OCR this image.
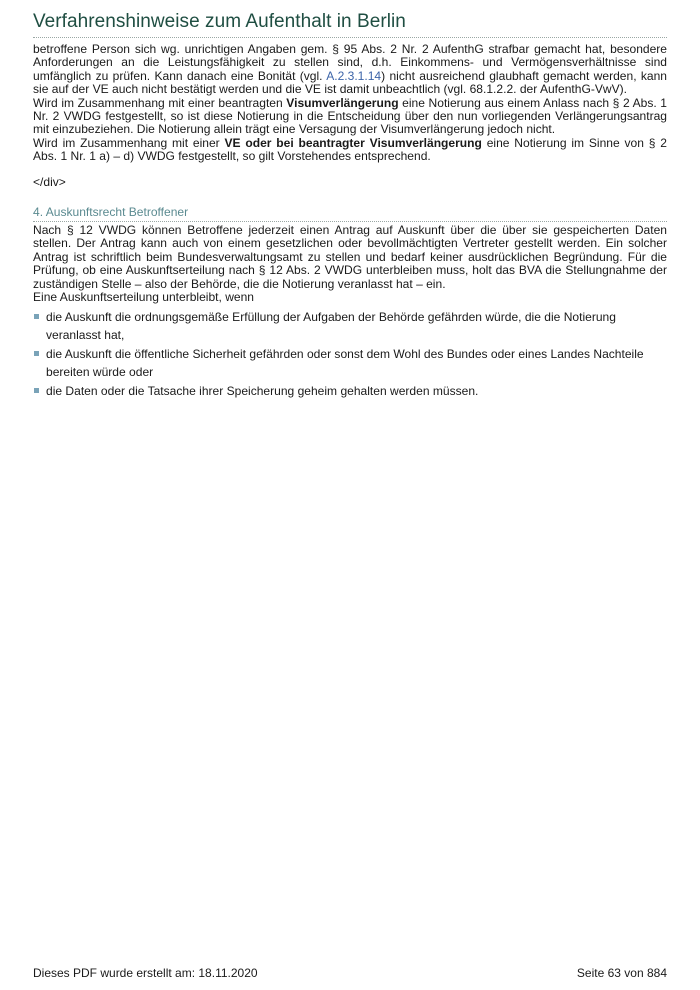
Verfahrenshinweise zum Aufenthalt in Berlin

betroffene Person sich wg. unrichtigen Angaben gem. § 95 Abs. 2 Nr. 2 AufenthG strafbar gemacht hat, besondere Anforderungen an die Leistungsfähigkeit zu stellen sind, d.h. Einkommens- und Vermögensverhältnisse sind umfänglich zu prüfen. Kann danach eine Bonität (vgl. A.2.3.1.14) nicht ausreichend glaubhaft gemacht werden, kann sie auf der VE auch nicht bestätigt werden und die VE ist damit unbeachtlich (vgl. 68.1.2.2. der AufenthG-VwV).

Wird im Zusammenhang mit einer beantragten Visumverlängerung eine Notierung aus einem Anlass nach § 2 Abs. 1 Nr. 2 VWDG festgestellt, so ist diese Notierung in die Entscheidung über den nun vorliegenden Verlängerungsantrag mit einzubeziehen. Die Notierung allein trägt eine Versagung der Visumverlängerung jedoch nicht.

Wird im Zusammenhang mit einer VE oder bei beantragter Visumverlängerung eine Notierung im Sinne von § 2 Abs. 1 Nr. 1 a) – d) VWDG festgestellt, so gilt Vorstehendes entsprechend.

</div>

4. Auskunftsrecht Betroffener

Nach § 12 VWDG können Betroffene jederzeit einen Antrag auf Auskunft über die über sie gespeicherten Daten stellen. Der Antrag kann auch von einem gesetzlichen oder bevollmächtigten Vertreter gestellt werden. Ein solcher Antrag ist schriftlich beim Bundesverwaltungsamt zu stellen und bedarf keiner ausdrücklichen Begründung. Für die Prüfung, ob eine Auskunftserteilung nach § 12 Abs. 2 VWDG unterbleiben muss, holt das BVA die Stellungnahme der zuständigen Stelle – also der Behörde, die die Notierung veranlasst hat – ein.

Eine Auskunftserteilung unterbleibt, wenn

die Auskunft die ordnungsgemäße Erfüllung der Aufgaben der Behörde gefährden würde, die die Notierung veranlasst hat,
die Auskunft die öffentliche Sicherheit gefährden oder sonst dem Wohl des Bundes oder eines Landes Nachteile bereiten würde oder
die Daten oder die Tatsache ihrer Speicherung geheim gehalten werden müssen.
Dieses PDF wurde erstellt am: 18.11.2020	Seite 63 von 884
